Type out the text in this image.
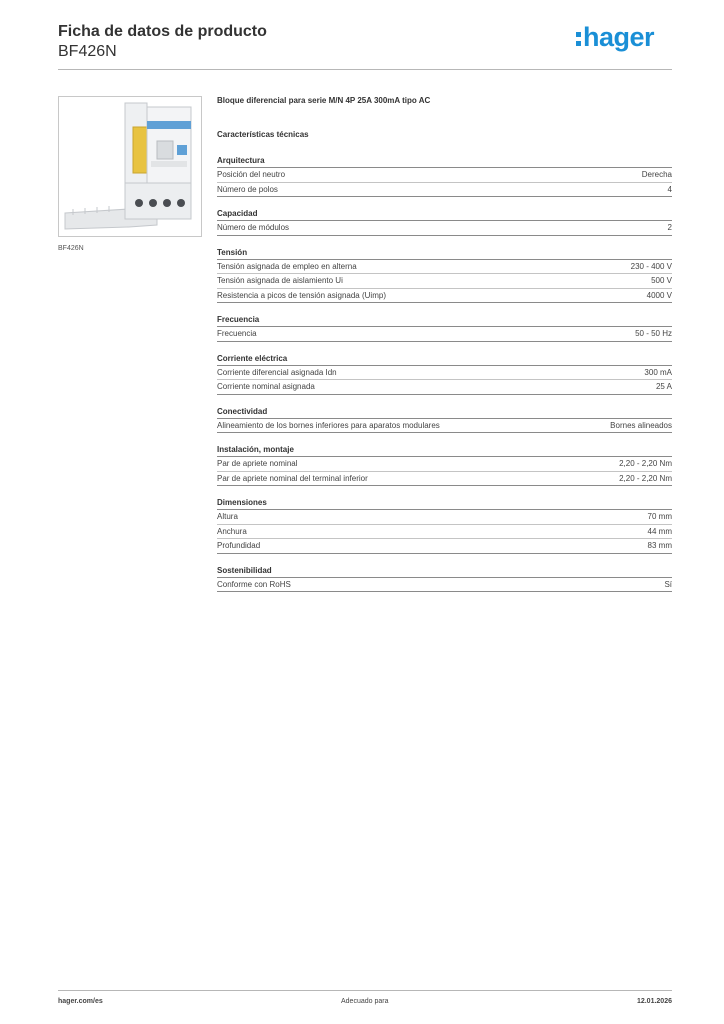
Ficha de datos de producto
BF426N	hager
BF426N
Bloque diferencial para serie M/N 4P 25A 300mA tipo AC
Características técnicas
Arquitectura
Posición del neutro	Derecha
Número de polos	4
Capacidad
Número de módulos	2
Tensión
Tensión asignada de empleo en alterna	230 - 400 V
Tensión asignada de aislamiento Ui	500 V
Resistencia a picos de tensión asignada (Uimp)	4000 V
Frecuencia
Frecuencia	50 - 50 Hz
Corriente eléctrica
Corriente diferencial asignada Idn	300 mA
Corriente nominal asignada	25 A
Conectividad
Alineamiento de los bornes inferiores para aparatos modulares	Bornes alineados
Instalación, montaje
Par de apriete nominal	2,20 - 2,20 Nm
Par de apriete nominal del terminal inferior	2,20 - 2,20 Nm
Dimensiones
Altura	70 mm
Anchura	44 mm
Profundidad	83 mm
Sostenibilidad
Conforme con RoHS	Sí
hager.com/es	Adecuado para	12.01.2026
